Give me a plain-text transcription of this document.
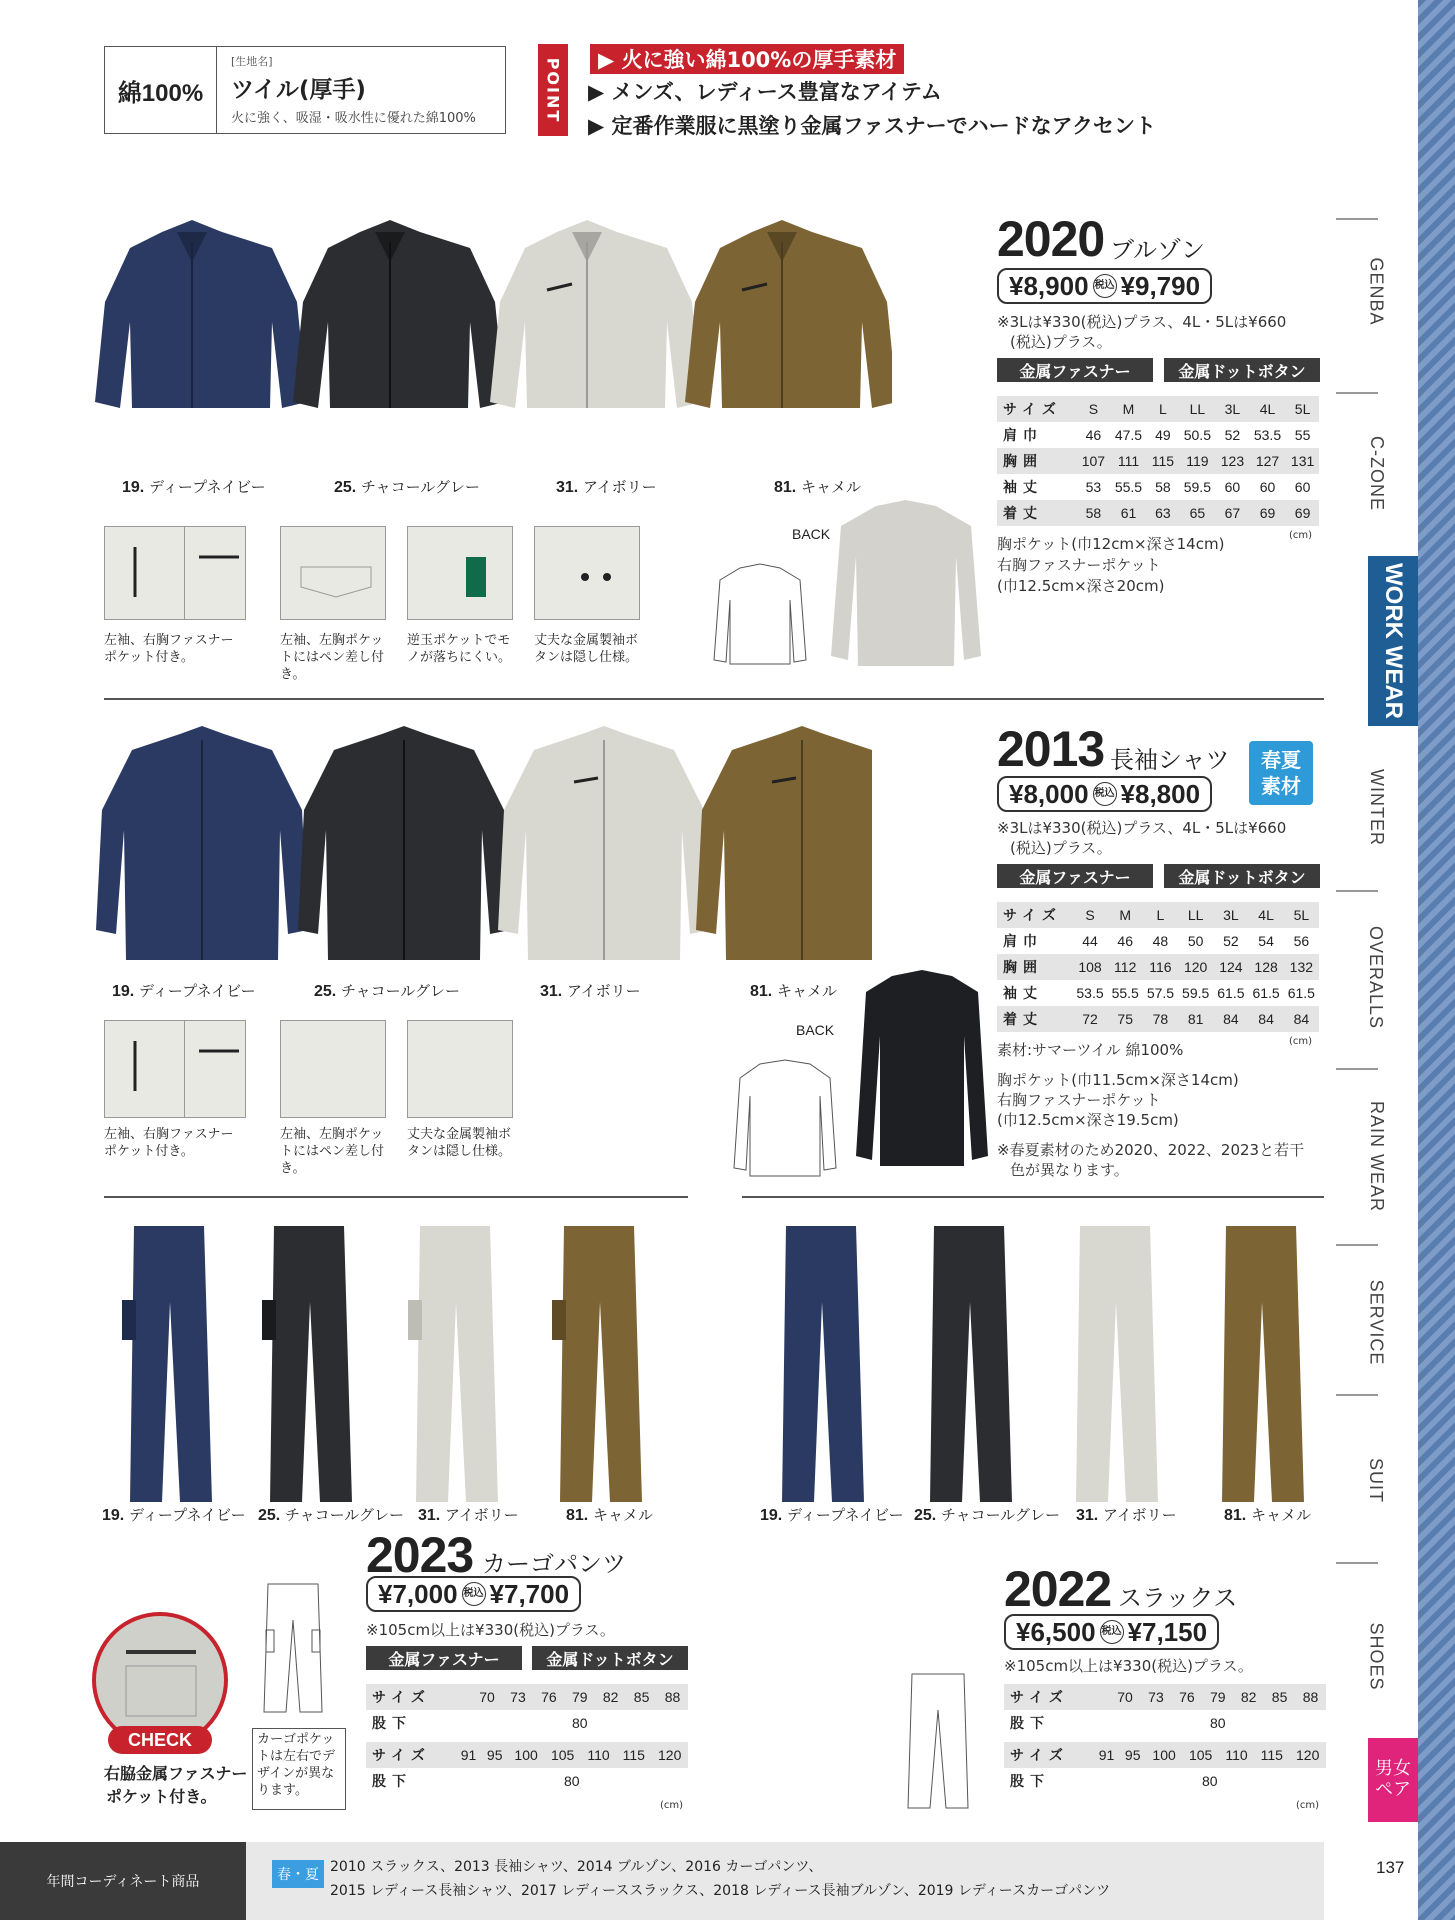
綿100%
[生地名]
ツイル(厚手)
火に強く、吸湿・吸水性に優れた綿100%	POINT	▶ 火に強い綿100%の厚手素材
▶ メンズ、レディース豊富なアイテム
▶ 定番作業服に黒塗り金属ファスナーでハードなアクセント
GENBA
C-ZONE
WORK WEAR
WINTER
OVERALLS
RAIN WEAR
SERVICE
SUIT
SHOES
男女
ペア
19. ディープネイビー	25. チャコールグレー	31. アイボリー	81. キャメル
左袖、右胸ファスナーポケット付き。
左袖、左胸ポケットにはペン差し付き。
逆玉ポケットでモノが落ちにくい。
丈夫な金属製袖ボタンは隠し仕様。
BACK
2020 ブルゾン
¥8,900 税込 ¥9,790
※3Lは¥330(税込)プラス、4L・5Lは¥660
(税込)プラス。
金属ファスナー	金属ドットボタン
サイズ	S	M	L	LL	3L	4L	5L
肩巾	46	47.5	49	50.5	52	53.5	55
胸囲	107	111	115	119	123	127	131
袖丈	53	55.5	58	59.5	60	60	60
着丈	58	61	63	65	67	69	69
(cm)
胸ポケット(巾12cm×深さ14cm)
右胸ファスナーポケット
(巾12.5cm×深さ20cm)
19. ディープネイビー	25. チャコールグレー	31. アイボリー	81. キャメル
左袖、右胸ファスナーポケット付き。
左袖、左胸ポケットにはペン差し付き。
丈夫な金属製袖ボタンは隠し仕様。
BACK
2013 長袖シャツ 春夏
素材
¥8,000 税込 ¥8,800
※3Lは¥330(税込)プラス、4L・5Lは¥660
(税込)プラス。
金属ファスナー	金属ドットボタン
サイズ	S	M	L	LL	3L	4L	5L
肩巾	44	46	48	50	52	54	56
胸囲	108	112	116	120	124	128	132
袖丈	53.5	55.5	57.5	59.5	61.5	61.5	61.5
着丈	72	75	78	81	84	84	84
(cm)
素材:サマーツイル 綿100%
胸ポケット(巾11.5cm×深さ14cm)
右胸ファスナーポケット
(巾12.5cm×深さ19.5cm)
※春夏素材のため2020、2022、2023と若干
色が異なります。
19. ディープネイビー 25. チャコールグレー 31. アイボリー	81. キャメル	19. ディープネイビー 25. チャコールグレー 31. アイボリー	81. キャメル
2023 カーゴパンツ
¥7,000 税込 ¥7,700
※105cm以上は¥330(税込)プラス。
金属ファスナー	金属ドットボタン
サイズ	70	73	76	79	82	85	88
股下	80						
サイズ	91	95	100	105	110	115	120
股下	80						
(cm)
カーゴポケットは左右でデザインが異なります。
CHECK
右脇金属ファスナー
ポケット付き。
2022 スラックス
¥6,500 税込 ¥7,150
※105cm以上は¥330(税込)プラス。
サイズ	70	73	76	79	82	85	88
股下	80						
サイズ	91	95	100	105	110	115	120
股下	80						
(cm)
年間コーディネート商品	春・夏 2010 スラックス、2013 長袖シャツ、2014 ブルゾン、2016 カーゴパンツ、
2015 レディース長袖シャツ、2017 レディーススラックス、2018 レディース長袖ブルゾン、2019 レディースカーゴパンツ
137
